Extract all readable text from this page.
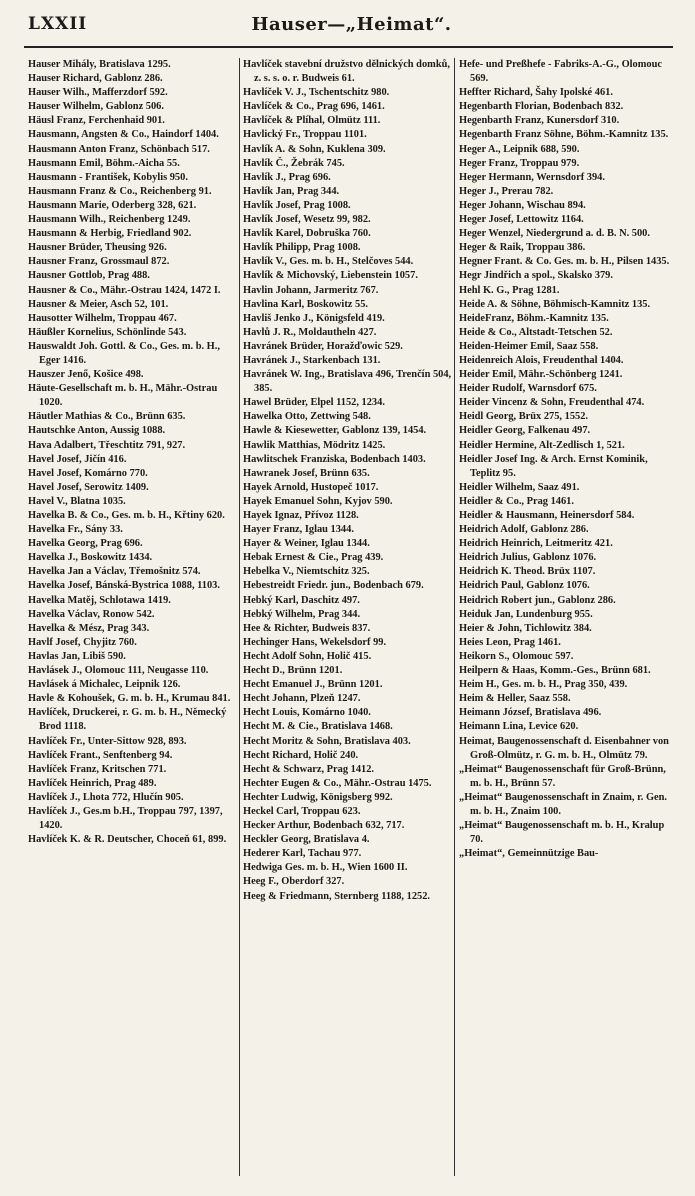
LXXII	Hauser—„Heimat“.

Hauser Mihály, Bratislava 1295.

Hauser Richard, Gablonz 286.

Hauser Wilh., Mafferzdorf 592.

Hauser Wilhelm, Gablonz 506.

Häusl Franz, Ferchenhaid 901.

Hausmann, Angsten & Co., Haindorf 1404.

Hausmann Anton Franz, Schönbach 517.

Hausmann Emil, Böhm.-Aicha 55.

Hausmann - František, Kobylis 950.

Hausmann Franz & Co., Reichenberg 91.

Hausmann Marie, Oderberg 328, 621.

Hausmann Wilh., Reichenberg 1249.

Hausmann & Herbig, Friedland 902.

Hausner Brüder, Theusing 926.

Hausner Franz, Grossmaul 872.

Hausner Gottlob, Prag 488.

Hausner & Co., Mähr.-Ostrau 1424, 1472 I.

Hausner & Meier, Asch 52, 101.

Hausotter Wilhelm, Troppau 467.

Häußler Kornelius, Schönlinde 543.

Hauswaldt Joh. Gottl. & Co., Ges. m. b. H., Eger 1416.

Hauszer Jenő, Košice 498.

Häute-Gesellschaft m. b. H., Mähr.-Ostrau 1020.

Häutler Mathias & Co., Brünn 635.

Hautschke Anton, Aussig 1088.

Hava Adalbert, Třeschtitz 791, 927.

Havel Josef, Jičín 416.

Havel Josef, Komárno 770.

Havel Josef, Serowitz 1409.

Havel V., Blatna 1035.

Havelka B. & Co., Ges. m. b. H., Křtiny 620.

Havelka Fr., Sány 33.

Havelka Georg, Prag 696.

Havelka J., Boskowitz 1434.

Havelka Jan a Václav, Třemošnitz 574.

Havelka Josef, Bánská-Bystrica 1088, 1103.

Havelka Matěj, Schlotawa 1419.

Havelka Václav, Ronow 542.

Havelka & Mész, Prag 343.

Havlf Josef, Chyjitz 760.

Havlas Jan, Libiš 590.

Havlásek J., Olomouc 111, Neugasse 110.

Havlásek á Michalec, Leipnik 126.

Havle & Kohoušek, G. m. b. H., Krumau 841.

Havlíček, Druckerei, r. G. m. b. H., Německý Brod 1118.

Havlíček Fr., Unter-Sittow 928, 893.

Havlíček Frant., Senftenberg 94.

Havlíček Franz, Kritschen 771.

Havlíček Heinrich, Prag 489.

Havlíček J., Lhota 772, Hlučín 905.

Havlíček J., Ges.m b.H., Troppau 797, 1397, 1420.

Havlíček K. & R. Deutscher, Choceň 61, 899.

Havlíček stavební družstvo dělnických domků, z. s. s. o. r. Budweis 61.

Havlíček V. J., Tschentschitz 980.

Havlíček & Co., Prag 696, 1461.

Havlíček & Plíhal, Olmütz 111.

Havlický Fr., Troppau 1101.

Havlík A. & Sohn, Kuklena 309.

Havlík Č., Žebrák 745.

Havlík J., Prag 696.

Havlík Jan, Prag 344.

Havlík Josef, Prag 1008.

Havlík Josef, Wesetz 99, 982.

Havlík Karel, Dobruška 760.

Havlík Philipp, Prag 1008.

Havlík V., Ges. m. b. H., Stelčoves 544.

Havlík & Michovský, Liebenstein 1057.

Havlin Johann, Jarmeritz 767.

Havlina Karl, Boskowitz 55.

Havliš Jenko J., Königsfeld 419.

Havlů J. R., Moldautheln 427.

Havránek Brüder, Horažďowic 529.

Havránek J., Starkenbach 131.

Havránek W. Ing., Bratislava 496, Trenčín 504, 385.

Hawel Brüder, Elpel 1152, 1234.

Hawelka Otto, Zettwing 548.

Hawle & Kiesewetter, Gablonz 139, 1454.

Hawlik Matthias, Mödritz 1425.

Hawlitschek Franziska, Bodenbach 1403.

Hawranek Josef, Brünn 635.

Hayek Arnold, Hustopeč 1017.

Hayek Emanuel Sohn, Kyjov 590.

Hayek Ignaz, Přívoz 1128.

Hayer Franz, Iglau 1344.

Hayer & Weiner, Iglau 1344.

Hebak Ernest & Cie., Prag 439.

Hebelka V., Niemtschitz 325.

Hebestreidt Friedr. jun., Bodenbach 679.

Hebký Karl, Daschitz 497.

Hebký Wilhelm, Prag 344.

Hee & Richter, Budweis 837.

Hechinger Hans, Wekelsdorf 99.

Hecht Adolf Sohn, Holič 415.

Hecht D., Brünn 1201.

Hecht Emanuel J., Brünn 1201.

Hecht Johann, Plzeň 1247.

Hecht Louis, Komárno 1040.

Hecht M. & Cie., Bratislava 1468.

Hecht Moritz & Sohn, Bratislava 403.

Hecht Richard, Holič 240.

Hecht & Schwarz, Prag 1412.

Hechter Eugen & Co., Mähr.-Ostrau 1475.

Hechter Ludwig, Königsberg 992.

Heckel Carl, Troppau 623.

Hecker Arthur, Bodenbach 632, 717.

Heckler Georg, Bratislava 4.

Hederer Karl, Tachau 977.

Hedwiga Ges. m. b. H., Wien 1600 II.

Heeg F., Oberdorf 327.

Heeg & Friedmann, Sternberg 1188, 1252.

Hefe- und Preßhefe - Fabriks-A.-G., Olomouc 569.

Heffter Richard, Šahy Ipolské 461.

Hegenbarth Florian, Bodenbach 832.

Hegenbarth Franz, Kunersdorf 310.

Hegenbarth Franz Söhne, Böhm.-Kamnitz 135.

Heger A., Leipnik 688, 590.

Heger Franz, Troppau 979.

Heger Hermann, Wernsdorf 394.

Heger J., Prerau 782.

Heger Johann, Wischau 894.

Heger Josef, Lettowitz 1164.

Heger Wenzel, Niedergrund a. d. B. N. 500.

Heger & Raik, Troppau 386.

Hegner Frant. & Co. Ges. m. b. H., Pilsen 1435.

Hegr Jindřich a spol., Skalsko 379.

Hehl K. G., Prag 1281.

Heide A. & Söhne, Böhmisch-Kamnitz 135.

HeideFranz, Böhm.-Kamnitz 135.

Heide & Co., Altstadt-Tetschen 52.

Heiden-Heimer Emil, Saaz 558.

Heidenreich Alois, Freudenthal 1404.

Heider Emil, Mähr.-Schönberg 1241.

Heider Rudolf, Warnsdorf 675.

Heider Vincenz & Sohn, Freudenthal 474.

Heidl Georg, Brüx 275, 1552.

Heidler Georg, Falkenau 497.

Heidler Hermine, Alt-Zedlisch 1, 521.

Heidler Josef Ing. & Arch. Ernst Kominik, Teplitz 95.

Heidler Wilhelm, Saaz 491.

Heidler & Co., Prag 1461.

Heidler & Hausmann, Heinersdorf 584.

Heidrich Adolf, Gablonz 286.

Heidrich Heinrich, Leitmeritz 421.

Heidrich Julius, Gablonz 1076.

Heidrich K. Theod. Brüx 1107.

Heidrich Paul, Gablonz 1076.

Heidrich Robert jun., Gablonz 286.

Heiduk Jan, Lundenburg 955.

Heier & John, Tichlowitz 384.

Heies Leon, Prag 1461.

Heikorn S., Olomouc 597.

Heilpern & Haas, Komm.-Ges., Brünn 681.

Heim H., Ges. m. b. H., Prag 350, 439.

Heim & Heller, Saaz 558.

Heimann József, Bratislava 496.

Heimann Lina, Levice 620.

Heimat, Baugenossenschaft d. Eisenbahner von Groß-Olmütz, r. G. m. b. H., Olmütz 79.

„Heimat“ Baugenossenschaft für Groß-Brünn, m. b. H., Brünn 57.

„Heimat“ Baugenossenschaft in Znaim, r. Gen. m. b. H., Znaim 100.

„Heimat“ Baugenossenschaft m. b. H., Kralup 70.

„Heimat“, Gemeinnützige Bau-
